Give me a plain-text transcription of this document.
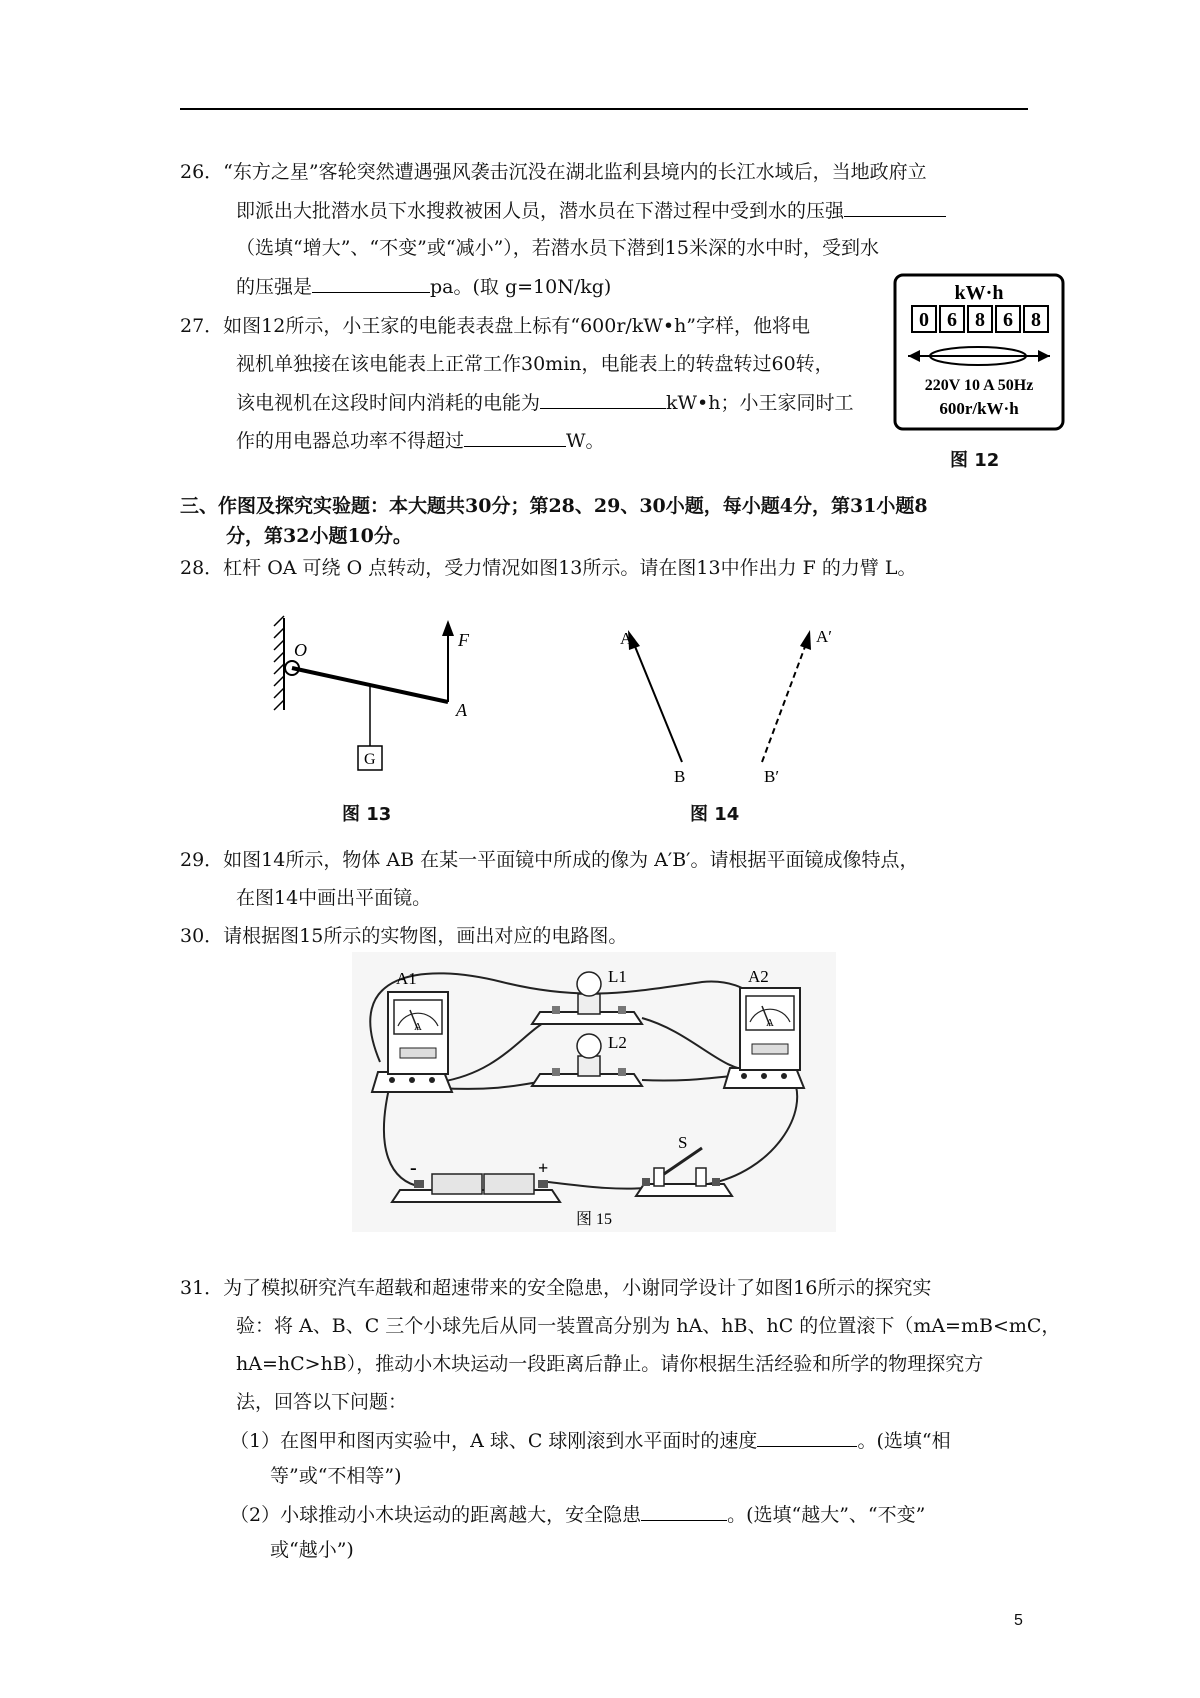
26．“东方之星”客轮突然遭遇强风袭击沉没在湖北监利县境内的长江水域后，当地政府立
即派出大批潜水员下水搜救被困人员，潜水员在下潜过程中受到水的压强
（选填“增大”、“不变”或“减小”），若潜水员下潜到15米深的水中时，受到水
的压强是	pa。(取 g=10N/kg)
27．如图12所示，小王家的电能表表盘上标有“600r/kW•h”字样，他将电
视机单独接在该电能表上正常工作30min，电能表上的转盘转过60转，
该电视机在这段时间内消耗的电能为	kW•h；小王家同时工
作的用电器总功率不得超过	W。
kW·h
0 6 8 6 8
220V 10 A 50Hz
600r/kW·h
图 12
三、作图及探究实验题：本大题共30分；第28、29、30小题，每小题4分，第31小题8
分，第32小题10分。
28．杠杆 OA 可绕 O 点转动，受力情况如图13所示。请在图13中作出力 F 的力臂 L。
O	F
A
G
图 13
A
B
A′
B′
图 14
29．如图14所示，物体 AB 在某一平面镜中所成的像为 A′B′。请根据平面镜成像特点，
在图14中画出平面镜。
30．请根据图15所示的实物图，画出对应的电路图。
A	A
A1	A2
L1
L2
S
-	+
图 15
31．为了模拟研究汽车超载和超速带来的安全隐患，小谢同学设计了如图16所示的探究实
验：将 A、B、C 三个小球先后从同一装置高分别为 hA、hB、hC 的位置滚下（mA=mB<mC，
hA=hC>hB），推动小木块运动一段距离后静止。请你根据生活经验和所学的物理探究方
法，回答以下问题：
（1）在图甲和图丙实验中，A 球、C 球刚滚到水平面时的速度	。(选填“相
等”或“不相等”)
（2）小球推动小木块运动的距离越大，安全隐患	。(选填“越大”、“不变”
或“越小”)
5
